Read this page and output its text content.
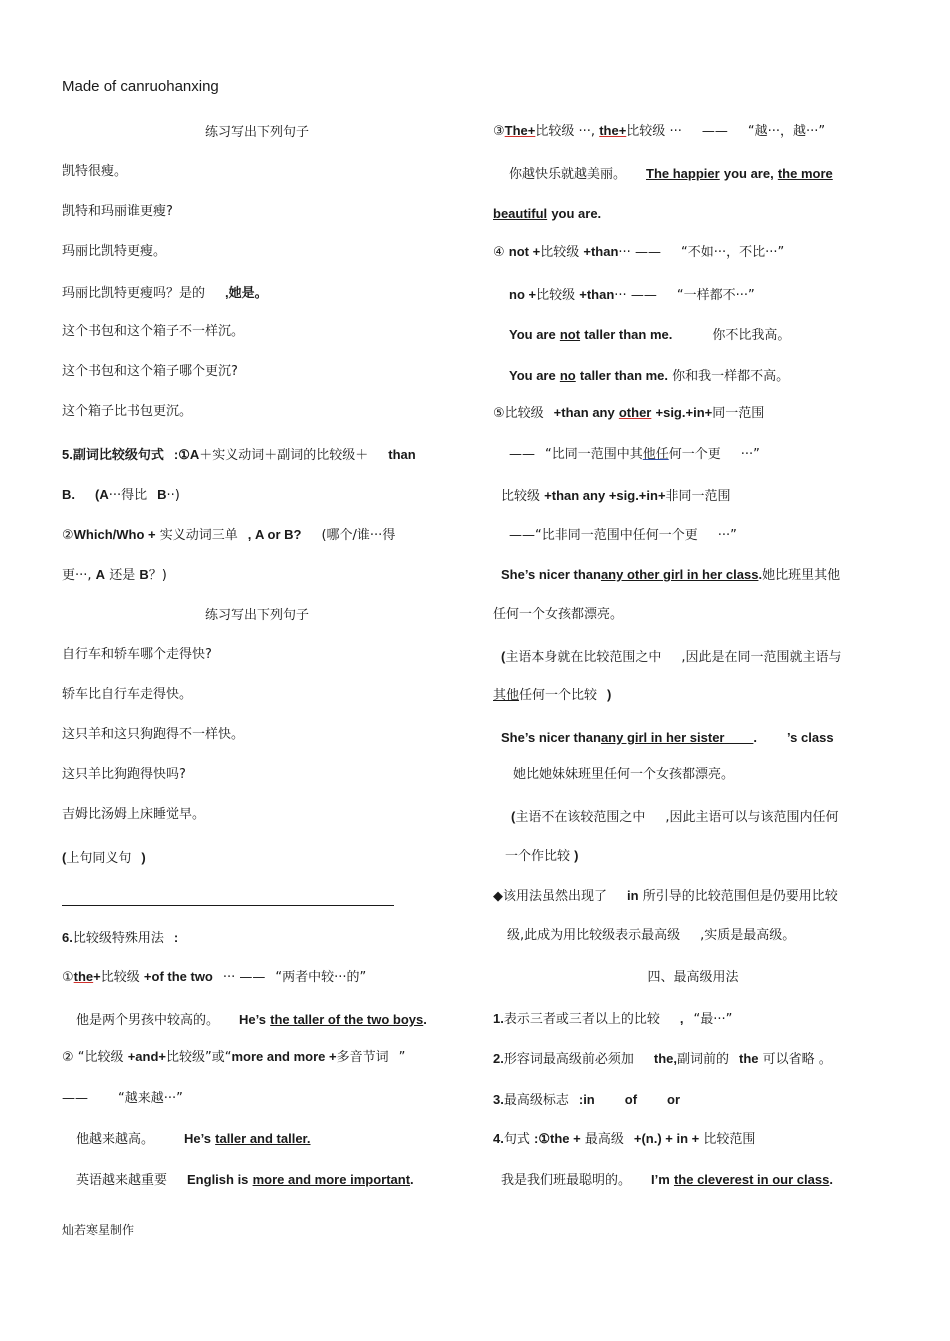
Made of canruohanxing
练习写出下列句子
凯特很瘦。
凯特和玛丽谁更瘦?
玛丽比凯特更瘦。
玛丽比凯特更瘦吗？是的 ,她是。
这个书包和这个箱子不一样沉。
这个书包和这个箱子哪个更沉?
这个箱子比书包更沉。
5.副词比较级句式 :①A＋实义动词＋副词的比较级＋ than
B. (A···得比 B··)
②Which/Who + 实义动词三单 , A or B? (哪个/谁···得
更···, A 还是 B？)
练习写出下列句子
自行车和轿车哪个走得快?
轿车比自行车走得快。
这只羊和这只狗跑得不一样快。
这只羊比狗跑得快吗?
吉姆比汤姆上床睡觉早。
(上句同义句 )
6.比较级特殊用法 :
①the+比较级 +of the two ··· —— “两者中较···的”
他是两个男孩中较高的。 He’s the taller of the two boys.
② “比较级 +and+比较级”或“more and more +多音节词 ”
—— “越来越···”
他越来越高。 He’s taller and taller.
英语越来越重要 English is more and more important.
③The+比较级 ···, the+比较级 ··· —— “越···，越···”
你越快乐就越美丽。 The happier you are, the more
beautiful you are.
④ not +比较级 +than··· —— “不如···，不比···”
no +比较级 +than··· —— “一样都不···”
You are not taller than me.	你不比我高。
You are no taller than me. 你和我一样都不高。
⑤比较级 +than any other +sig.+in+同一范围
—— “比同一范围中其他任何一个更 ···”
比较级 +than any +sig.+in+非同一范围
——“比非同一范围中任何一个更 ···”
She’s nicer thanany other girl in her class.她比班里其他
任何一个女孩都漂亮。
(主语本身就在比较范围之中 ,因此是在同一范围就主语与
其他任何一个比较 )
She’s nicer thanany girl in her sister . ’s class
她比她妹妹班里任何一个女孩都漂亮。
(主语不在该较范围之中 ,因此主语可以与该范围内任何
一个作比较 )
◆该用法虽然出现了 in 所引导的比较范围但是仍要用比较
级,此成为用比较级表示最高级 ,实质是最高级。
四、最高级用法
1.表示三者或三者以上的比较 , “最···”
2.形容词最高级前必须加 the,副词前的 the 可以省略 。
3.最高级标志 :in of or
4.句式 :①the + 最高级 +(n.) + in + 比较范围
我是我们班最聪明的。 I’m the cleverest in our class.
灿若寒星制作
